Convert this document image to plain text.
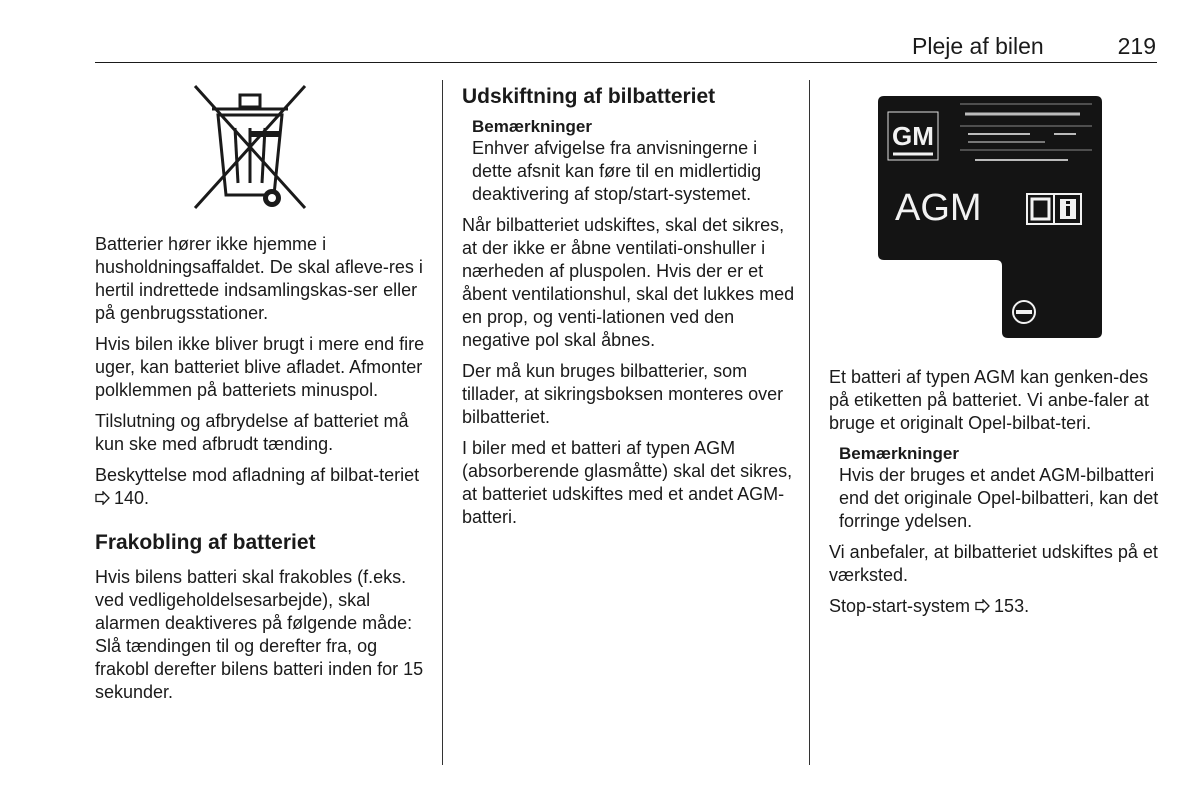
Pleje af bilen	219

Batterier hører ikke hjemme i husholdningsaffaldet. De skal afleve-res i hertil indrettede indsamlingskas-ser eller på genbrugsstationer.

Hvis bilen ikke bliver brugt i mere end fire uger, kan batteriet blive afladet. Afmonter polklemmen på batteriets minuspol.

Tilslutning og afbrydelse af batteriet må kun ske med afbrudt tænding.

Beskyttelse mod afladning af bilbat-teriet 140.

Frakobling af batteriet

Hvis bilens batteri skal frakobles (f.eks. ved vedligeholdelsesarbejde), skal alarmen deaktiveres på følgende måde: Slå tændingen til og derefter fra, og frakobl derefter bilens batteri inden for 15 sekunder.

Udskiftning af bilbatteriet
Bemærkninger

Enhver afvigelse fra anvisningerne i dette afsnit kan føre til en midlertidig deaktivering af stop/start-systemet.

Når bilbatteriet udskiftes, skal det sikres, at der ikke er åbne ventilati-onshuller i nærheden af pluspolen. Hvis der er et åbent ventilationshul, skal det lukkes med en prop, og venti-lationen ved den negative pol skal åbnes.

Der må kun bruges bilbatterier, som tillader, at sikringsboksen monteres over bilbatteriet.

I biler med et batteri af typen AGM (absorberende glasmåtte) skal det sikres, at batteriet udskiftes med et andet AGM-batteri.

GM
AGM

Et batteri af typen AGM kan genken-des på etiketten på batteriet. Vi anbe-faler at bruge et originalt Opel-bilbat-teri.

Bemærkninger

Hvis der bruges et andet AGM-bilbatteri end det originale Opel-bilbatteri, kan det forringe ydelsen.

Vi anbefaler, at bilbatteriet udskiftes på et værksted.

Stop-start-system 153.
